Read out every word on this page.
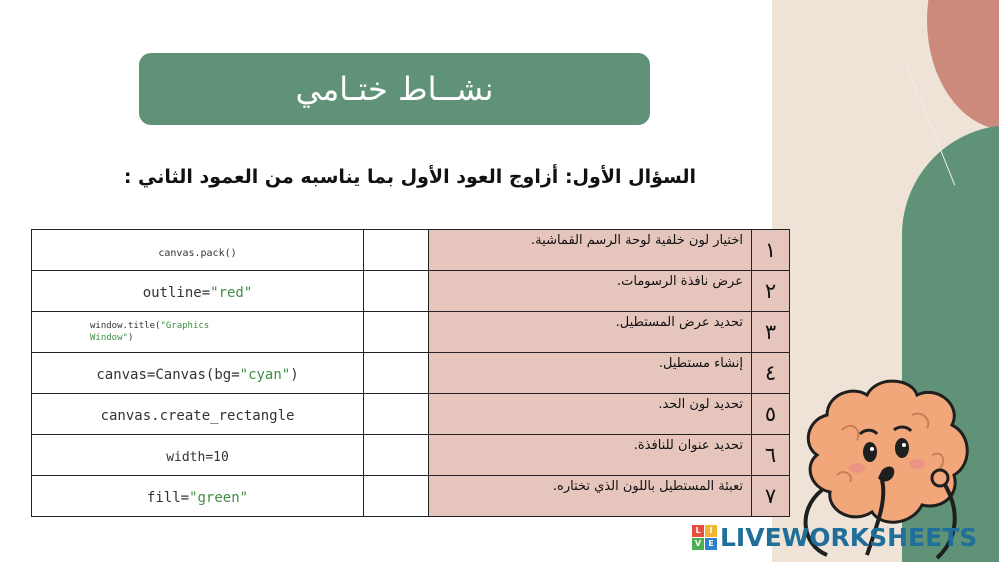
نشــاط ختـامي
السؤال الأول: أزاوج العود الأول بما يناسبه من العمود الثاني :
canvas.pack()		اختيار لون خلفية لوحة الرسم القماشية.	١
outline="red"		عرض نافذة الرسومات.	٢

window.title("Graphics Window")		تحديد عرض المستطيل.	٣
canvas=Canvas(bg="cyan")		إنشاء مستطيل.	٤
canvas.create_rectangle		تحديد لون الحد.	٥
width=10		تحديد عنوان للنافذة.	٦
fill="green"		تعبئة المستطيل باللون الذي تختاره.	٧
L	I
V E LIVEWORKSHEETS
